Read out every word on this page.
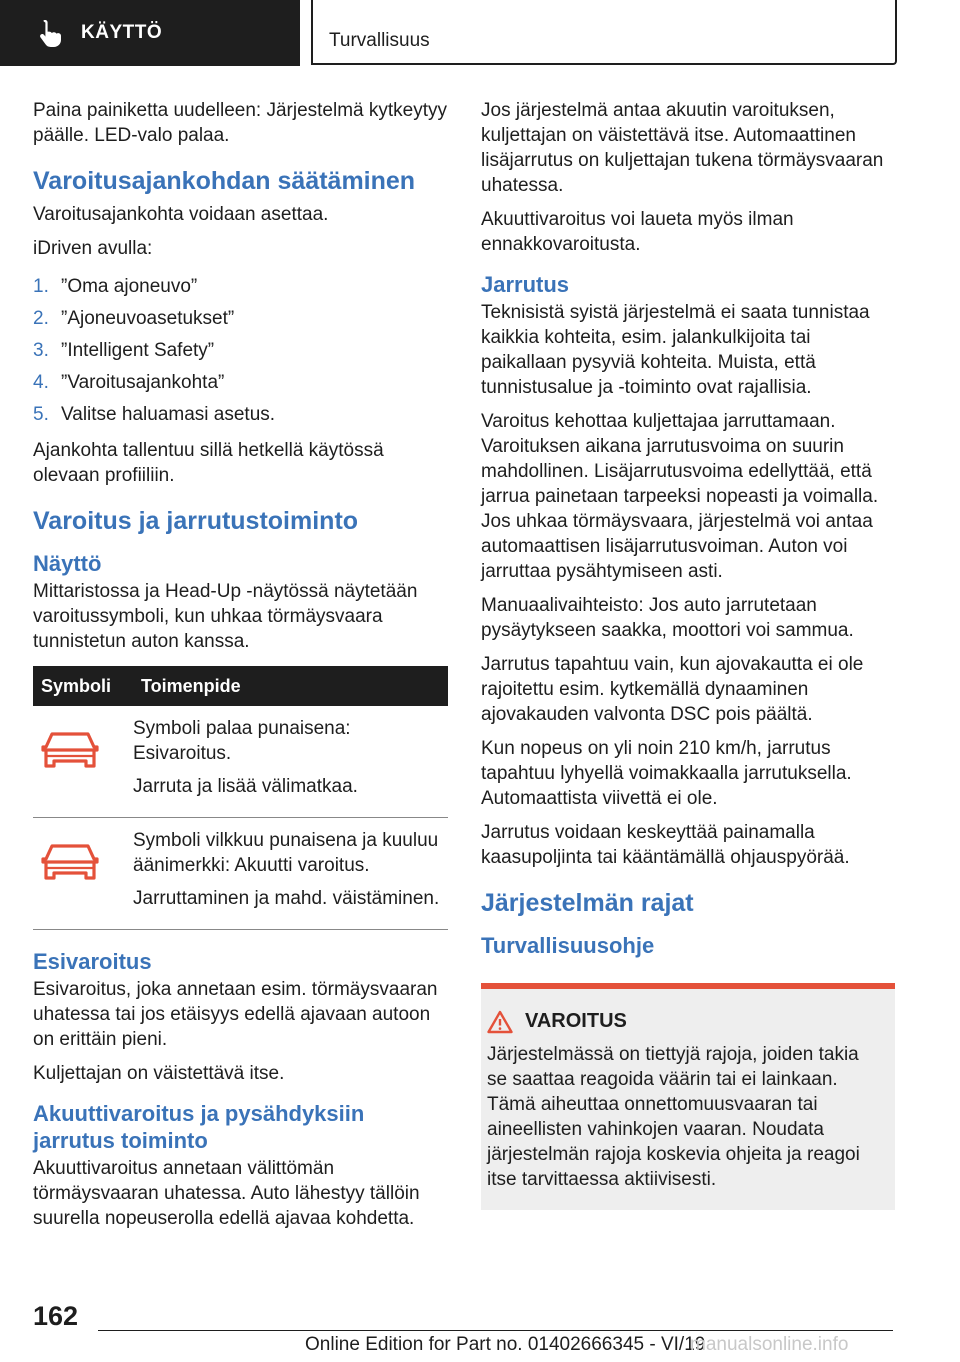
KÄYTTÖ	Turvallisuus

Paina painiketta uudelleen: Järjestelmä kytkeytyy päälle. LED-valo palaa.

Varoitusajankohdan säätäminen

Varoitusajankohta voidaan asettaa.

iDriven avulla:

1. ”Oma ajoneuvo”
2. ”Ajoneuvoasetukset”
3. ”Intelligent Safety”
4. ”Varoitusajankohta”
5. Valitse haluamasi asetus.

Ajankohta tallentuu sillä hetkellä käytössä olevaan profiiliin.

Varoitus ja jarrutustoiminto
Näyttö

Mittaristossa ja Head-Up -näytössä näytetään varoitussymboli, kun uhkaa törmäysvaara tunnistetun auton kanssa.

Symboli	Toimenpide

Symboli palaa punaisena: Esivaroitus.

Jarruta ja lisää välimatkaa.

Symboli vilkkuu punaisena ja kuuluu äänimerkki: Akuutti varoitus.

Jarruttaminen ja mahd. väistäminen.

Esivaroitus

Esivaroitus, joka annetaan esim. törmäysvaaran uhatessa tai jos etäisyys edellä ajavaan autoon on erittäin pieni.

Kuljettajan on väistettävä itse.

Akuuttivaroitus ja pysähdyksiin jarrutus toiminto

Akuuttivaroitus annetaan välittömän törmäysvaaran uhatessa. Auto lähestyy tällöin suurella nopeuserolla edellä ajavaa kohdetta.

Jos järjestelmä antaa akuutin varoituksen, kuljettajan on väistettävä itse. Automaattinen lisäjarrutus on kuljettajan tukena törmäysvaaran uhatessa.

Akuuttivaroitus voi laueta myös ilman ennakkovaroitusta.

Jarrutus

Teknisistä syistä järjestelmä ei saata tunnistaa kaikkia kohteita, esim. jalankulkijoita tai paikallaan pysyviä kohteita. Muista, että tunnistusalue ja -toiminto ovat rajallisia.

Varoitus kehottaa kuljettajaa jarruttamaan. Varoituksen aikana jarrutusvoima on suurin mahdollinen. Lisäjarrutusvoima edellyttää, että jarrua painetaan tarpeeksi nopeasti ja voimalla. Jos uhkaa törmäysvaara, järjestelmä voi antaa automaattisen lisäjarrutusvoiman. Auton voi jarruttaa pysähtymiseen asti.

Manuaalivaihteisto: Jos auto jarrutetaan pysäytykseen saakka, moottori voi sammua.

Jarrutus tapahtuu vain, kun ajovakautta ei ole rajoitettu esim. kytkemällä dynaaminen ajovakauden valvonta DSC pois päältä.

Kun nopeus on yli noin 210 km/h, jarrutus tapahtuu lyhyellä voimakkaalla jarrutuksella. Automaattista viivettä ei ole.

Jarrutus voidaan keskeyttää painamalla kaasupoljinta tai kääntämällä ohjauspyörää.

Järjestelmän rajat
Turvallisuusohje
VAROITUS

Järjestelmässä on tiettyjä rajoja, joiden takia se saattaa reagoida väärin tai ei lainkaan. Tämä aiheuttaa onnettomuusvaaran tai aineellisten vahinkojen vaaran. Noudata järjestelmän rajoja koskevia ohjeita ja reagoi itse tarvittaessa aktiivisesti.

162
Online Edition for Part no. 01402666345 - VI/19
manualsonline.info
